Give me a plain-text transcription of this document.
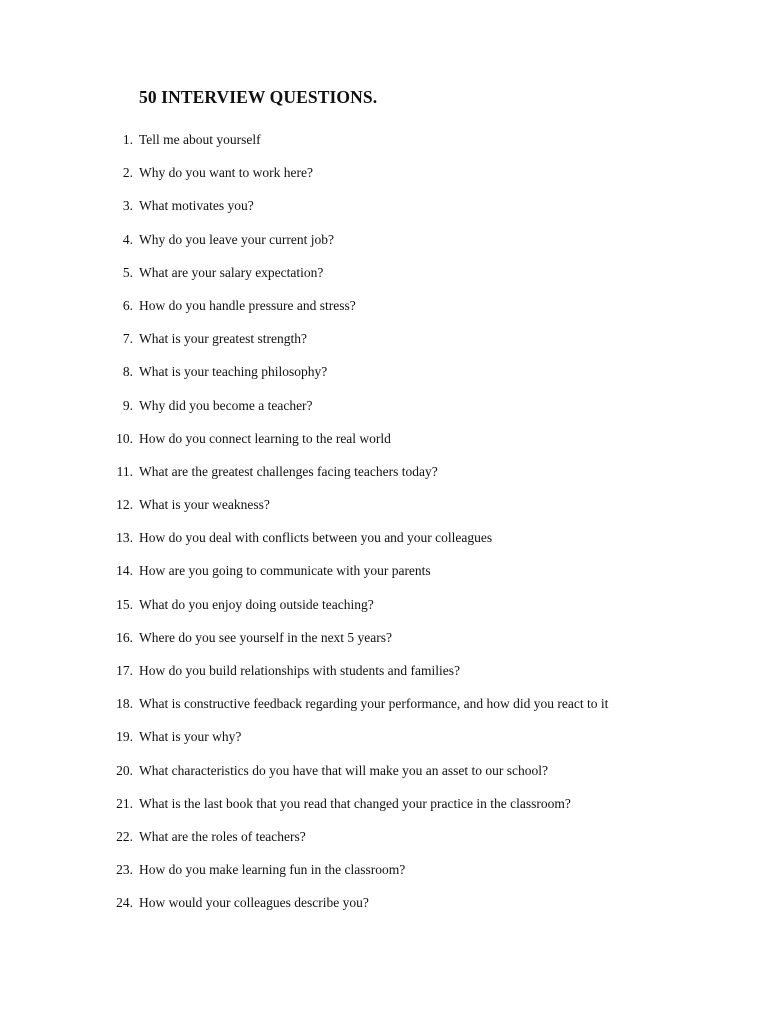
50 INTERVIEW QUESTIONS.
1. Tell me about yourself
2. Why do you want to work here?
3. What motivates you?
4. Why do you leave your current job?
5. What are your salary expectation?
6. How do you handle pressure and stress?
7. What is your greatest strength?
8. What is your teaching philosophy?
9. Why did you become a teacher?
10. How do you connect learning to the real world
11. What are the greatest challenges facing teachers today?
12. What is your weakness?
13. How do you deal with conflicts between you and your colleagues
14. How are you going to communicate with your parents
15. What do you enjoy doing outside teaching?
16. Where do you see yourself in the next 5 years?
17. How do you build relationships with students and families?
18. What is constructive feedback regarding your performance, and how did you react to it
19. What is your why?
20. What characteristics do you have that will make you an asset to our school?
21. What is the last book that you read that changed your practice in the classroom?
22. What are the roles of teachers?
23. How do you make learning fun in the classroom?
24. How would your colleagues describe you?
